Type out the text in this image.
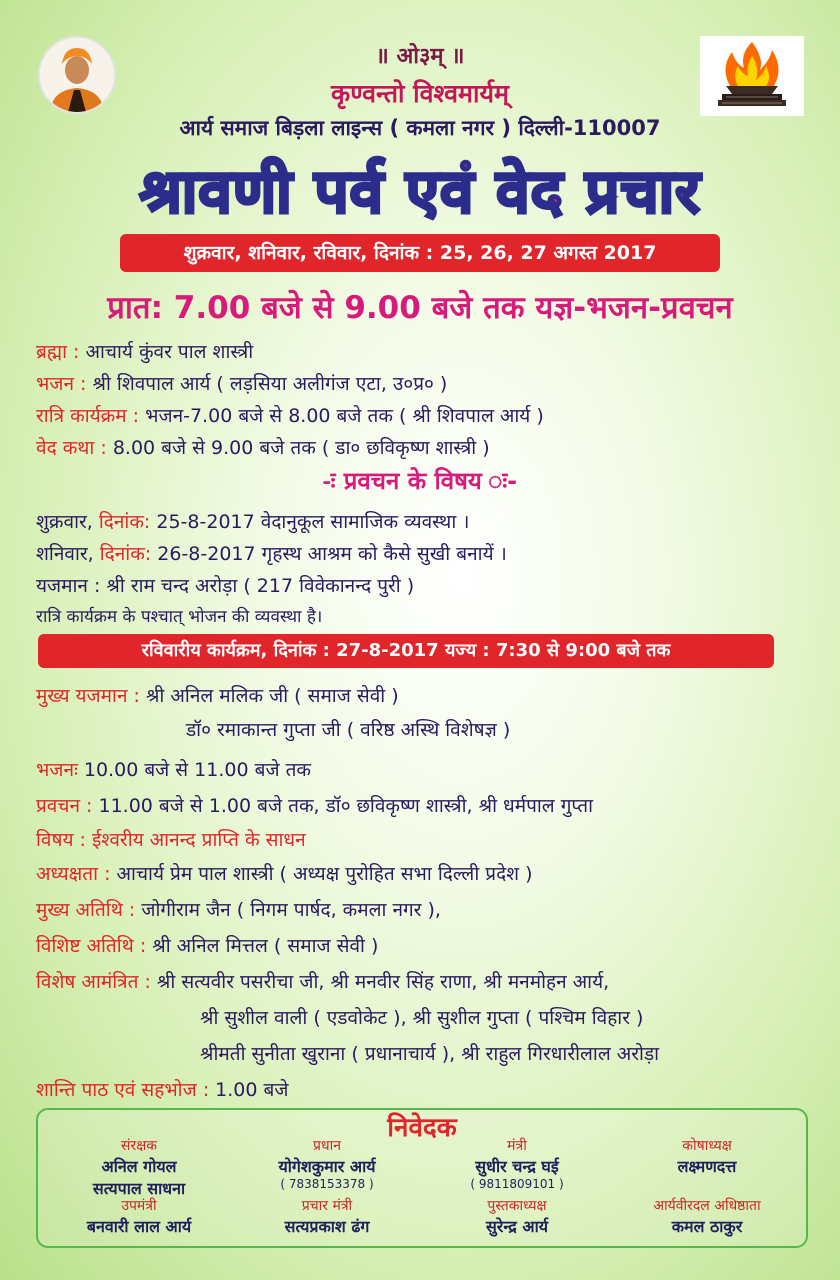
॥ ओ३म् ॥
कृण्वन्तो विश्वमार्यम्
आर्य समाज बिड़ला लाइन्स ( कमला नगर ) दिल्ली-110007
श्रावणी पर्व एवं वेद प्रचार
शुक्रवार, शनिवार, रविवार, दिनांक : 25, 26, 27 अगस्त 2017
प्रात: 7.00 बजे से 9.00 बजे तक यज्ञ-भजन-प्रवचन
ब्रह्मा : आचार्य कुंवर पाल शास्त्री
भजन : श्री शिवपाल आर्य ( लड़सिया अलीगंज एटा, उ०प्र० )
रात्रि कार्यक्रम : भजन-7.00 बजे से 8.00 बजे तक ( श्री शिवपाल आर्य )
वेद कथा : 8.00 बजे से 9.00 बजे तक ( डा० छविकृष्ण शास्त्री )
-ः प्रवचन के विषय ः-
शुक्रवार, दिनांक: 25-8-2017 वेदानुकूल सामाजिक व्यवस्था ।
शनिवार, दिनांक: 26-8-2017 गृहस्थ आश्रम को कैसे सुखी बनायें ।
यजमान : श्री राम चन्द अरोड़ा ( 217 विवेकानन्द पुरी )
रात्रि कार्यक्रम के पश्चात् भोजन की व्यवस्था है।
रविवारीय कार्यक्रम, दिनांक : 27-8-2017 यज्य : 7:30 से 9:00 बजे तक
मुख्य यजमान : श्री अनिल मलिक जी ( समाज सेवी )
डॉ० रमाकान्त गुप्ता जी ( वरिष्ठ अस्थि विशेषज्ञ )
भजनः 10.00 बजे से 11.00 बजे तक
प्रवचन : 11.00 बजे से 1.00 बजे तक, डॉ० छविकृष्ण शास्त्री, श्री धर्मपाल गुप्ता
विषय : ईश्वरीय आनन्द प्राप्ति के साधन
अध्यक्षता : आचार्य प्रेम पाल शास्त्री ( अध्यक्ष पुरोहित सभा दिल्ली प्रदेश )
मुख्य अतिथि : जोगीराम जैन ( निगम पार्षद, कमला नगर ),
विशिष्ट अतिथि : श्री अनिल मित्तल ( समाज सेवी )
विशेष आमंत्रित : श्री सत्यवीर पसरीचा जी, श्री मनवीर सिंह राणा, श्री मनमोहन आर्य,
श्री सुशील वाली ( एडवोकेट ), श्री सुशील गुप्ता ( पश्चिम विहार )
श्रीमती सुनीता खुराना ( प्रधानाचार्य ), श्री राहुल गिरधारीलाल अरोड़ा
शान्ति पाठ एवं सहभोज : 1.00 बजे
निवेदक
संरक्षक
अनिल गोयल
सत्यपाल साधना
प्रधान
योगेशकुमार आर्य
( 7838153378 )
मंत्री
सुधीर चन्द्र घई
( 9811809101 )
कोषाध्यक्ष
लक्ष्मणदत्त
उपमंत्री
बनवारी लाल आर्य
प्रचार मंत्री
सत्यप्रकाश ढंग
पुस्तकाध्यक्ष
सुरेन्द्र आर्य
आर्यवीरदल अधिष्ठाता
कमल ठाकुर
